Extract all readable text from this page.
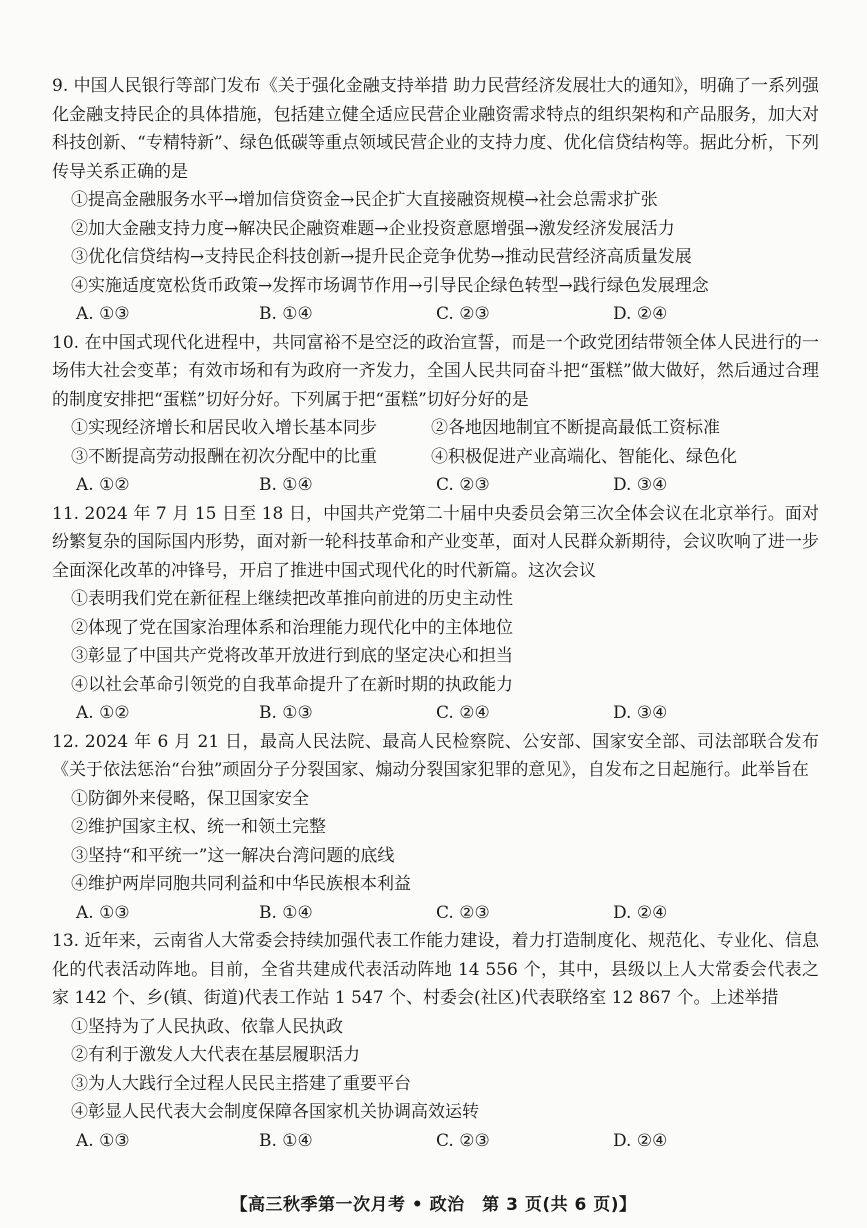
9. 中国人民银行等部门发布《关于强化金融支持举措 助力民营经济发展壮大的通知》，明确了一系列强化金融支持民企的具体措施，包括建立健全适应民营企业融资需求特点的组织架构和产品服务，加大对科技创新、“专精特新”、绿色低碳等重点领域民营企业的支持力度、优化信贷结构等。据此分析，下列传导关系正确的是

①提高金融服务水平→增加信贷资金→民企扩大直接融资规模→社会总需求扩张

②加大金融支持力度→解决民企融资难题→企业投资意愿增强→激发经济发展活力

③优化信贷结构→支持民企科技创新→提升民企竞争优势→推动民营经济高质量发展

④实施适度宽松货币政策→发挥市场调节作用→引导民企绿色转型→践行绿色发展理念

A. ①③	B. ①④	C. ②③	D. ②④

10. 在中国式现代化进程中，共同富裕不是空泛的政治宣誓，而是一个政党团结带领全体人民进行的一场伟大社会变革；有效市场和有为政府一齐发力，全国人民共同奋斗把“蛋糕”做大做好，然后通过合理的制度安排把“蛋糕”切好分好。下列属于把“蛋糕”切好分好的是

①实现经济增长和居民收入增长基本同步	②各地因地制宜不断提高最低工资标准
③不断提高劳动报酬在初次分配中的比重	④积极促进产业高端化、智能化、绿色化
A. ①②	B. ①④	C. ②③	D. ③④

11. 2024 年 7 月 15 日至 18 日，中国共产党第二十届中央委员会第三次全体会议在北京举行。面对纷繁复杂的国际国内形势，面对新一轮科技革命和产业变革，面对人民群众新期待，会议吹响了进一步全面深化改革的冲锋号，开启了推进中国式现代化的时代新篇。这次会议

①表明我们党在新征程上继续把改革推向前进的历史主动性

②体现了党在国家治理体系和治理能力现代化中的主体地位

③彰显了中国共产党将改革开放进行到底的坚定决心和担当

④以社会革命引领党的自我革命提升了在新时期的执政能力

A. ①②	B. ①③	C. ②④	D. ③④

12. 2024 年 6 月 21 日，最高人民法院、最高人民检察院、公安部、国家安全部、司法部联合发布《关于依法惩治“台独”顽固分子分裂国家、煽动分裂国家犯罪的意见》，自发布之日起施行。此举旨在

①防御外来侵略，保卫国家安全

②维护国家主权、统一和领土完整

③坚持“和平统一”这一解决台湾问题的底线

④维护两岸同胞共同利益和中华民族根本利益

A. ①③	B. ①④	C. ②③	D. ②④

13. 近年来，云南省人大常委会持续加强代表工作能力建设，着力打造制度化、规范化、专业化、信息化的代表活动阵地。目前，全省共建成代表活动阵地 14 556 个，其中，县级以上人大常委会代表之家 142 个、乡(镇、街道)代表工作站 1 547 个、村委会(社区)代表联络室 12 867 个。上述举措

①坚持为了人民执政、依靠人民执政

②有利于激发人大代表在基层履职活力

③为人大践行全过程人民民主搭建了重要平台

④彰显人民代表大会制度保障各国家机关协调高效运转

A. ①③	B. ①④	C. ②③	D. ②④
【高三秋季第一次月考 • 政治　第 3 页(共 6 页)】
